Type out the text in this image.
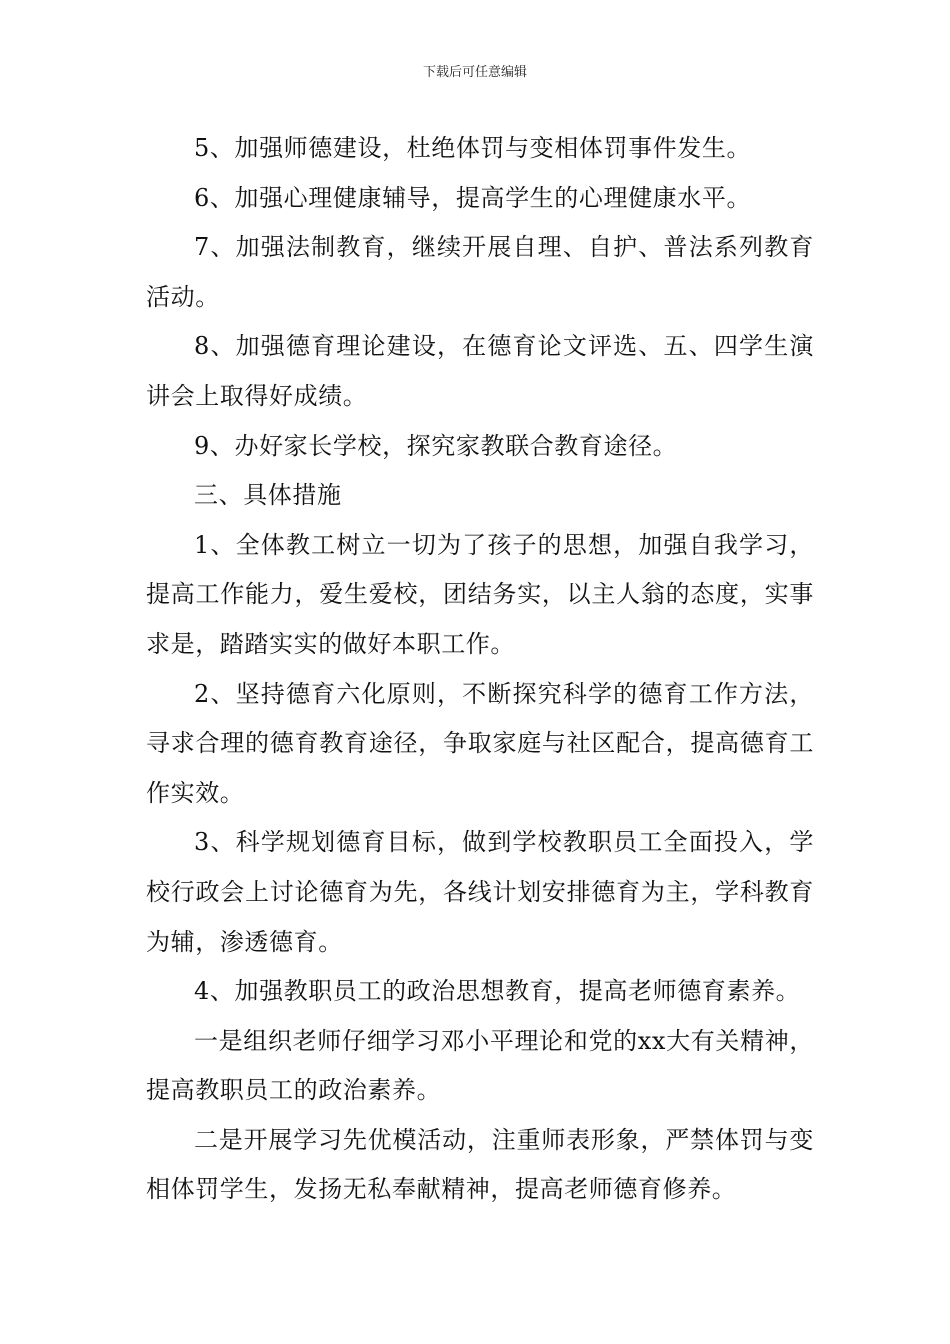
下载后可任意编辑

5、加强师德建设，杜绝体罚与变相体罚事件发生。

6、加强心理健康辅导，提高学生的心理健康水平。

7、加强法制教育，继续开展自理、自护、普法系列教育活动。

8、加强德育理论建设，在德育论文评选、五、四学生演讲会上取得好成绩。

9、办好家长学校，探究家教联合教育途径。

三、具体措施

1、全体教工树立一切为了孩子的思想，加强自我学习，提高工作能力，爱生爱校，团结务实，以主人翁的态度，实事求是，踏踏实实的做好本职工作。

2、坚持德育六化原则，不断探究科学的德育工作方法，寻求合理的德育教育途径，争取家庭与社区配合，提高德育工作实效。

3、科学规划德育目标，做到学校教职员工全面投入，学校行政会上讨论德育为先，各线计划安排德育为主，学科教育为辅，渗透德育。

4、加强教职员工的政治思想教育，提高老师德育素养。

一是组织老师仔细学习邓小平理论和党的xx大有关精神，提高教职员工的政治素养。

二是开展学习先优模活动，注重师表形象，严禁体罚与变相体罚学生，发扬无私奉献精神，提高老师德育修养。
